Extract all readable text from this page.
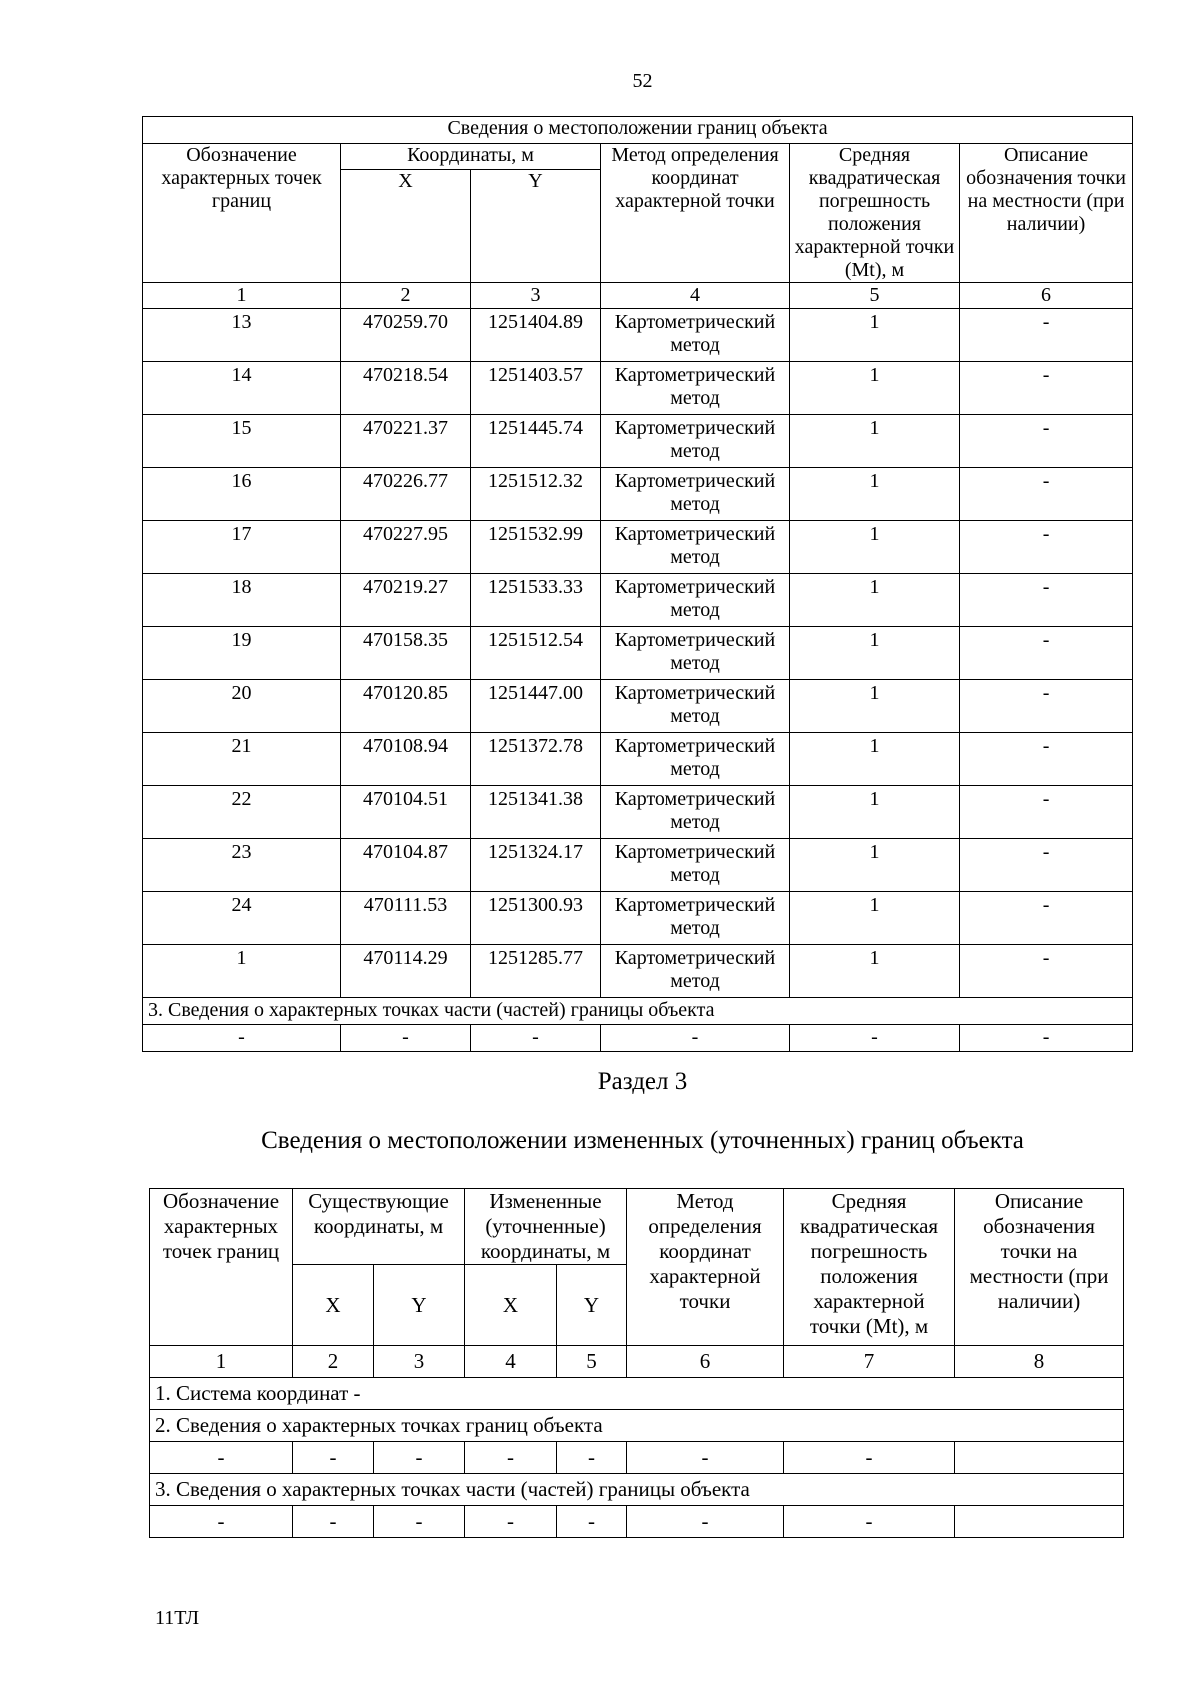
52
Сведения о местоположении границ объекта					
Обозначение характерных точек границ	Координаты, м		Метод определения координат характерной точки	Средняя квадратическая погрешность положения характерной точки (Mt), м	Описание обозначения точки на местности (при наличии)
	X	Y			
1	2	3	4	5	6
13	470259.70	1251404.89	Картометрический метод	1	-
14	470218.54	1251403.57	Картометрический метод	1	-
15	470221.37	1251445.74	Картометрический метод	1	-
16	470226.77	1251512.32	Картометрический метод	1	-
17	470227.95	1251532.99	Картометрический метод	1	-
18	470219.27	1251533.33	Картометрический метод	1	-
19	470158.35	1251512.54	Картометрический метод	1	-
20	470120.85	1251447.00	Картометрический метод	1	-
21	470108.94	1251372.78	Картометрический метод	1	-
22	470104.51	1251341.38	Картометрический метод	1	-
23	470104.87	1251324.17	Картометрический метод	1	-
24	470111.53	1251300.93	Картометрический метод	1	-
1	470114.29	1251285.77	Картометрический метод	1	-
3. Сведения о характерных точках части (частей) границы объекта					
-	-	-	-	-	-
Раздел 3
Сведения о местоположении измененных (уточненных) границ объекта
Обозначение характерных точек границ	Существующие координаты, м		Измененные (уточненные) координаты, м		Метод определения координат характерной точки	Средняя квадратическая погрешность положения характерной точки (Mt), м	Описание обозначения точки на местности (при наличии)
	X	Y	X	Y			
1	2	3	4	5	6	7	8
1. Система координат -							
2. Сведения о характерных точках границ объекта							
-	-	-	-	-	-	-	
3. Сведения о характерных точках части (частей) границы объекта							
-	-	-	-	-	-	-	
11ТЛ
